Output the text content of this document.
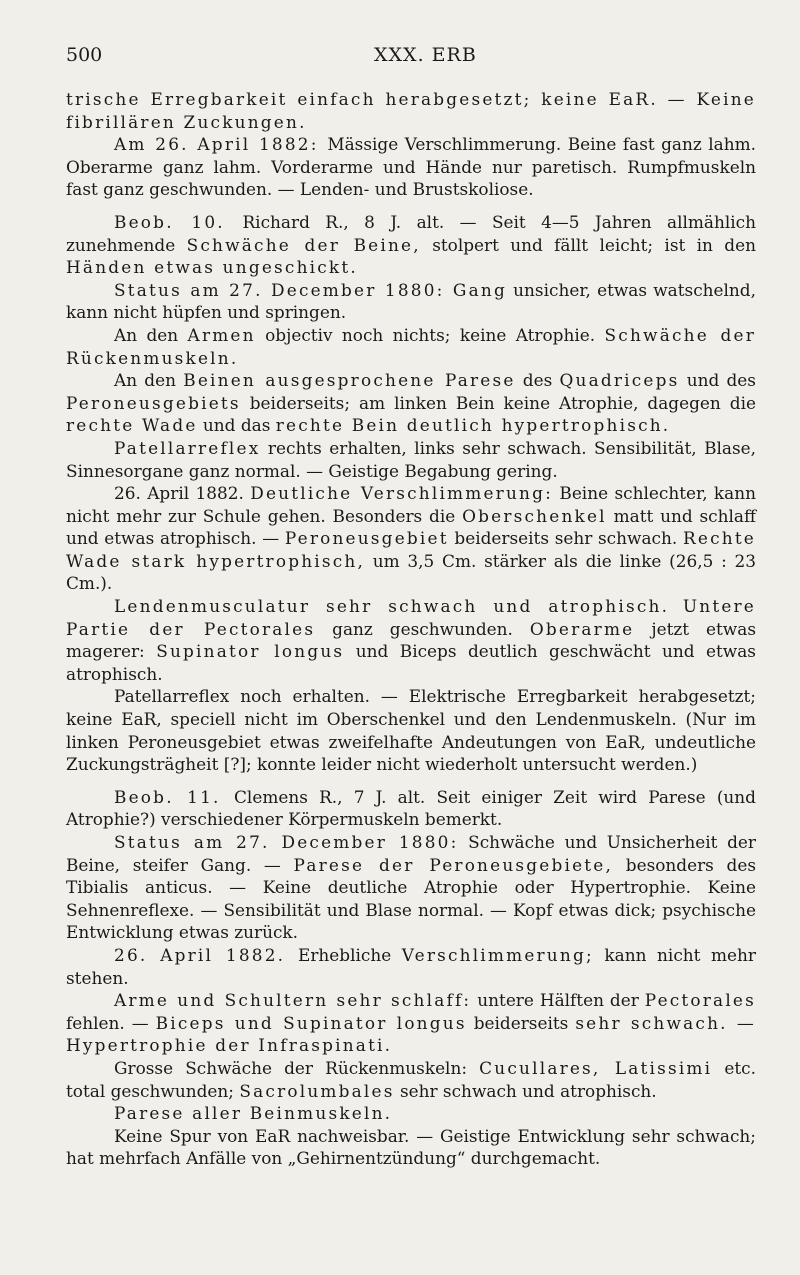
500	XXX. ERB

trische Erregbarkeit einfach herabgesetzt; keine EaR. — Keine fibrillären Zuckungen.

Am 26. April 1882: Mässige Verschlimmerung. Beine fast ganz lahm. Oberarme ganz lahm. Vorderarme und Hände nur paretisch. Rumpfmuskeln fast ganz geschwunden. — Lenden- und Brustskoliose.

Beob. 10. Richard R., 8 J. alt. — Seit 4—5 Jahren allmählich zunehmende Schwäche der Beine, stolpert und fällt leicht; ist in den Händen etwas ungeschickt.

Status am 27. December 1880: Gang unsicher, etwas watschelnd, kann nicht hüpfen und springen.

An den Armen objectiv noch nichts; keine Atrophie. Schwäche der Rückenmuskeln.

An den Beinen ausgesprochene Parese des Quadriceps und des Peroneusgebiets beiderseits; am linken Bein keine Atrophie, dagegen die rechte Wade und das rechte Bein deutlich hypertrophisch.

Patellarreflex rechts erhalten, links sehr schwach. Sensibilität, Blase, Sinnesorgane ganz normal. — Geistige Begabung gering.

26. April 1882. Deutliche Verschlimmerung: Beine schlechter, kann nicht mehr zur Schule gehen. Besonders die Oberschenkel matt und schlaff und etwas atrophisch. — Peroneusgebiet beiderseits sehr schwach. Rechte Wade stark hypertrophisch, um 3,5 Cm. stärker als die linke (26,5 : 23 Cm.).

Lendenmusculatur sehr schwach und atrophisch. Untere Partie der Pectorales ganz geschwunden. Oberarme jetzt etwas magerer: Supinator longus und Biceps deutlich geschwächt und etwas atrophisch.

Patellarreflex noch erhalten. — Elektrische Erregbarkeit herabgesetzt; keine EaR, speciell nicht im Oberschenkel und den Lendenmuskeln. (Nur im linken Peroneusgebiet etwas zweifelhafte Andeutungen von EaR, undeutliche Zuckungsträgheit [?]; konnte leider nicht wiederholt untersucht werden.)

Beob. 11. Clemens R., 7 J. alt. Seit einiger Zeit wird Parese (und Atrophie?) verschiedener Körpermuskeln bemerkt.

Status am 27. December 1880: Schwäche und Unsicherheit der Beine, steifer Gang. — Parese der Peroneusgebiete, besonders des Tibialis anticus. — Keine deutliche Atrophie oder Hypertrophie. Keine Sehnenreflexe. — Sensibilität und Blase normal. — Kopf etwas dick; psychische Entwicklung etwas zurück.

26. April 1882. Erhebliche Verschlimmerung; kann nicht mehr stehen.

Arme und Schultern sehr schlaff: untere Hälften der Pectorales fehlen. — Biceps und Supinator longus beiderseits sehr schwach. — Hypertrophie der Infraspinati.

Grosse Schwäche der Rückenmuskeln: Cucullares, Latissimi etc. total geschwunden; Sacrolumbales sehr schwach und atrophisch.

Parese aller Beinmuskeln.

Keine Spur von EaR nachweisbar. — Geistige Entwicklung sehr schwach; hat mehrfach Anfälle von „Gehirnentzündung“ durchgemacht.
